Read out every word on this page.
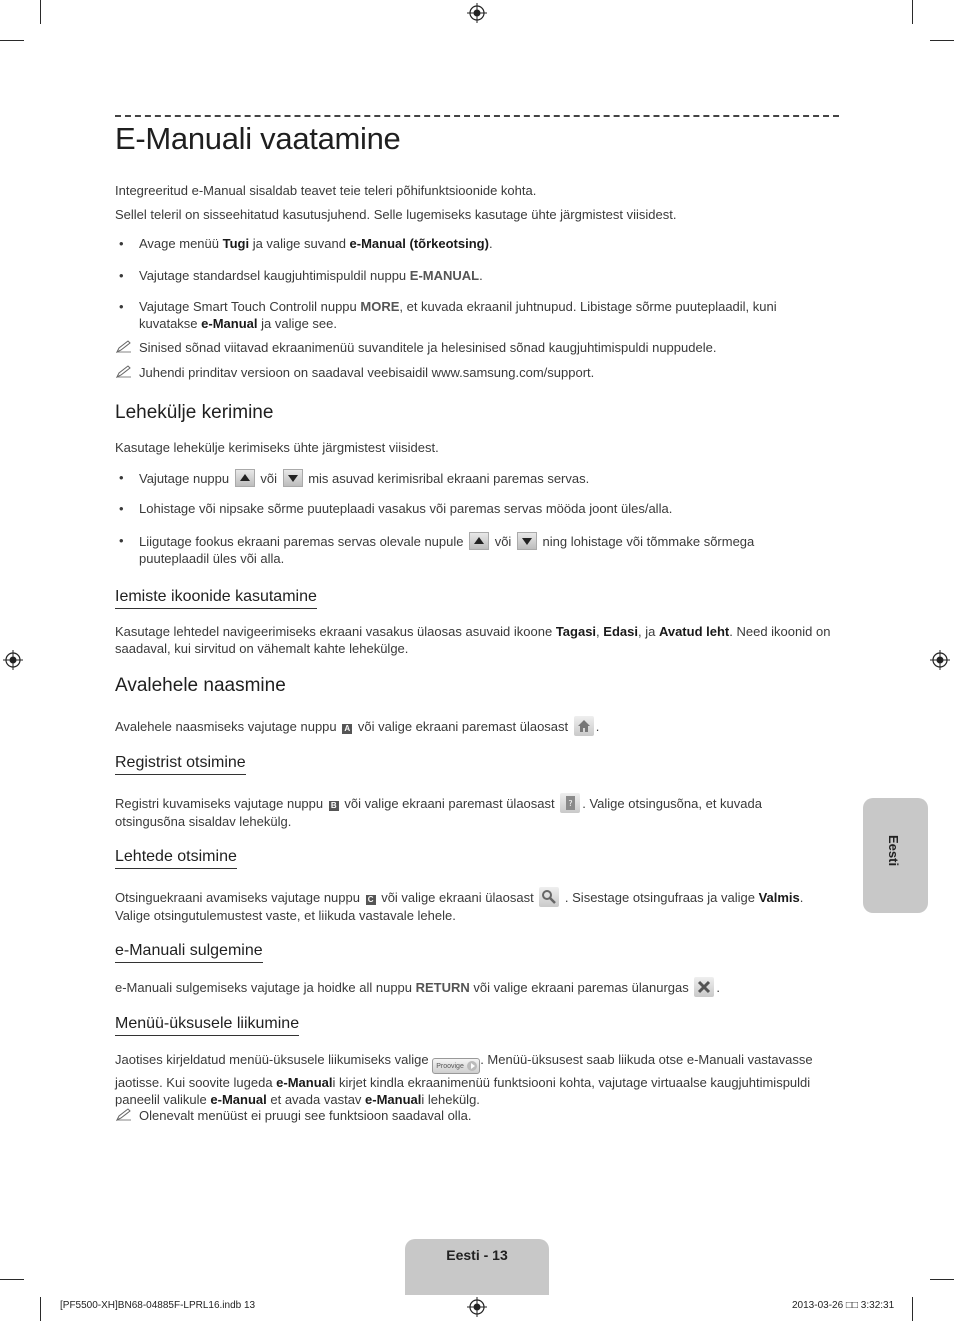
E-Manuali vaatamine

Integreeritud e-Manual sisaldab teavet teie teleri põhifunktsioonide kohta.

Sellel teleril on sisseehitatud kasutusjuhend. Selle lugemiseks kasutage ühte järgmistest viisidest.

• Avage menüü Tugi ja valige suvand e-Manual (tõrkeotsing).
• Vajutage standardsel kaugjuhtimispuldil nuppu E-MANUAL.
• Vajutage Smart Touch Controlil nuppu MORE, et kuvada ekraanil juhtnupud. Libistage sõrme puuteplaadil, kuni kuvatakse e-Manual ja valige see.
Sinised sõnad viitavad ekraanimenüü suvanditele ja helesinised sõnad kaugjuhtimispuldi nuppudele.
Juhendi prinditav versioon on saadaval veebisaidil www.samsung.com/support.
Lehekülje kerimine

Kasutage lehekülje kerimiseks ühte järgmistest viisidest.

• Vajutage nuppu
või
mis asuvad kerimisribal ekraani paremas servas.
• Lohistage või nipsake sõrme puuteplaadi vasakus või paremas servas mööda joont üles/alla.
• Liigutage fookus ekraani paremas servas olevale nupule
või
ning lohistage või tõmmake sõrmega puuteplaadil üles või alla.
Iemiste ikoonide kasutamine

Kasutage lehtedel navigeerimiseks ekraani vasakus ülaosas asuvaid ikoone Tagasi, Edasi, ja Avatud leht. Need ikoonid on saadaval, kui sirvitud on vähemalt kahte lehekülge.

Avalehele naasmine

Avalehele naasmiseks vajutage nuppu A või valige ekraani paremast ülaosast .

Registrist otsimine

Registri kuvamiseks vajutage nuppu B või valige ekraani paremast ülaosast ? . Valige otsingusõna, et kuvada otsingusõna sisaldav lehekülg.

Lehtede otsimine

Otsinguekraani avamiseks vajutage nuppu C või valige ekraani ülaosast  . Sisestage otsingufraas ja valige Valmis. Valige otsingutulemustest vaste, et liikuda vastavale lehele.

e-Manuali sulgemine

e-Manuali sulgemiseks vajutage ja hoidke all nuppu RETURN või valige ekraani paremas ülanurgas .

Menüü-üksusele liikumine

Jaotises kirjeldatud menüü-üksusele liikumiseks valige Proovige . Menüü-üksusest saab liikuda otse e-Manuali vastavasse jaotisse. Kui soovite lugeda e-Manuali kirjet kindla ekraanimenüü funktsiooni kohta, vajutage virtuaalse kaugjuhtimispuldi paneelil valikule e-Manual et avada vastav e-Manuali lehekülg.

Olenevalt menüüst ei pruugi see funktsioon saadaval olla.
Eesti
Eesti - 13
[PF5500-XH]BN68-04885F-LPRL16.indb 13	2013-03-26 □□ 3:32:31
